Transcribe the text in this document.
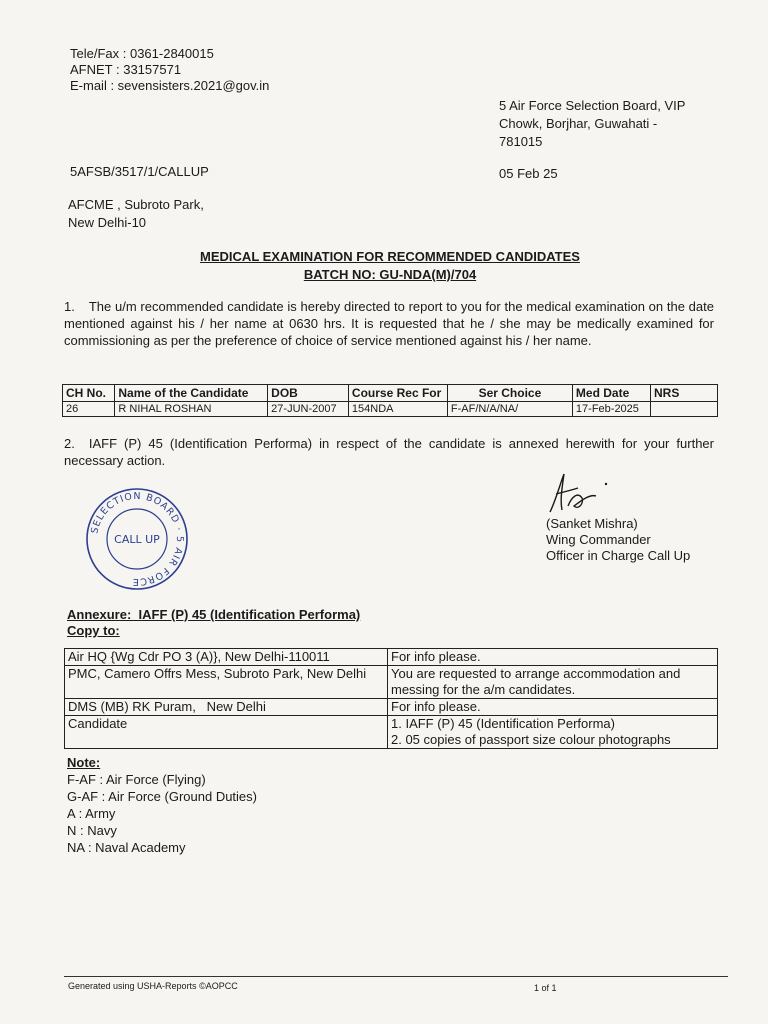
Tele/Fax : 0361-2840015
AFNET : 33157571
E-mail : sevensisters.2021@gov.in
5 Air Force Selection Board, VIP
Chowk, Borjhar, Guwahati -
781015
5AFSB/3517/1/CALLUP	05 Feb 25
AFCME , Subroto Park,
New Delhi-10
MEDICAL EXAMINATION FOR RECOMMENDED CANDIDATES
BATCH NO: GU-NDA(M)/704
1. The u/m recommended candidate is hereby directed to report to you for the medical examination on the date mentioned against his / her name at 0630 hrs. It is requested that he / she may be medically examined for commissioning as per the preference of choice of service mentioned against his / her name.
CH No.	Name of the Candidate	DOB	Course Rec For	Ser Choice	Med Date	NRS
26	R NIHAL ROSHAN	27-JUN-2007	154NDA	F-AF/N/A/NA/	17-Feb-2025	
2. IAFF (P) 45 (Identification Performa) in respect of the candidate is annexed herewith for your further necessary action.
SELECTION BOARD · 5 AIR FORCE
CALL UP
(Sanket Mishra)
Wing Commander
Officer in Charge Call Up
Annexure:  IAFF (P) 45 (Identification Performa)
Copy to:
Air HQ {Wg Cdr PO 3 (A)}, New Delhi-110011	For info please.
PMC, Camero Offrs Mess, Subroto Park, New Delhi	You are requested to arrange accommodation and messing for the a/m candidates.
DMS (MB) RK Puram,   New Delhi	For info please.
Candidate	1. IAFF (P) 45 (Identification Performa)
2. 05 copies of passport size colour photographs
Note:
F-AF : Air Force (Flying)
G-AF : Air Force (Ground Duties)
A : Army
N : Navy
NA : Naval Academy
Generated using USHA-Reports ©AOPCC	1 of 1
